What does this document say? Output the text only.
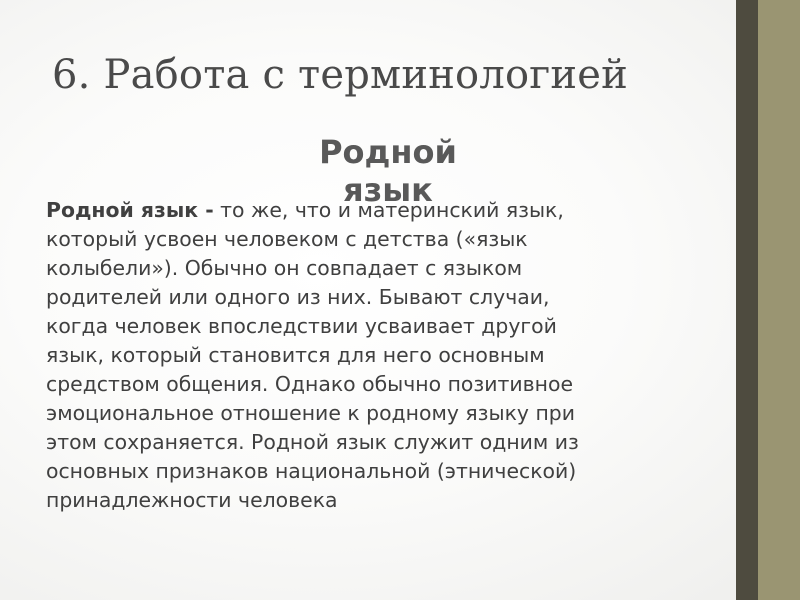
6. Работа с терминологией
Родной язык
Родной язык - то же, что и материнский язык,
который усвоен человеком с детства («язык
колыбели»). Обычно он совпадает с языком
родителей или одного из них. Бывают случаи,
когда человек впоследствии усваивает другой
язык, который становится для него основным
средством общения. Однако обычно позитивное
эмоциональное отношение к родному языку при
этом сохраняется. Родной язык служит одним из
основных признаков национальной (этнической)
принадлежности человека
